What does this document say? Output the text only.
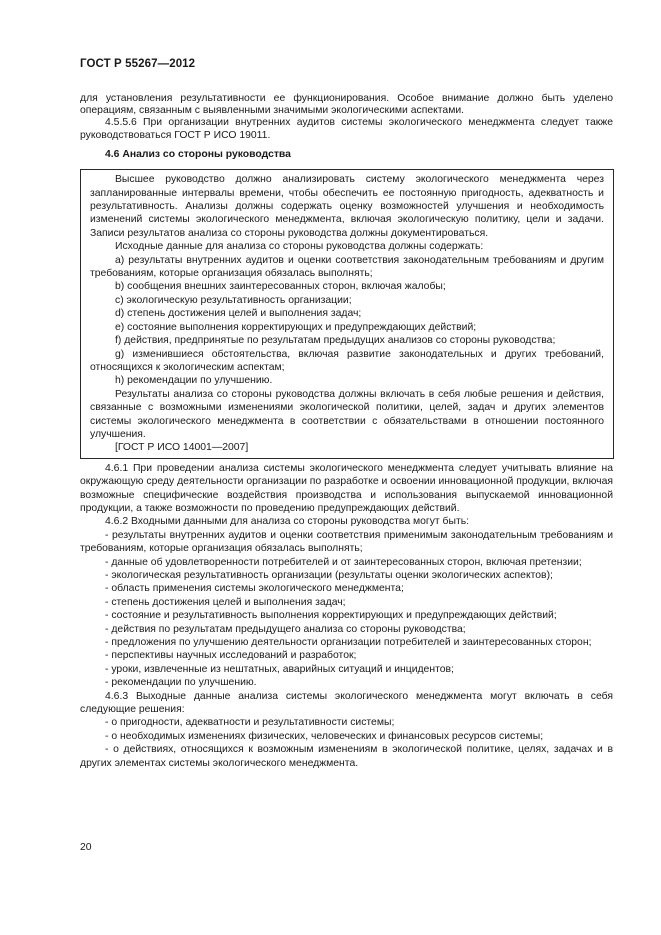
ГОСТ Р 55267—2012

для установления результативности ее функционирования. Особое внимание должно быть уделено операциям, связанным с выявленными значимыми экологическими аспектами.

4.5.5.6 При организации внутренних аудитов системы экологического менеджмента следует также руководствоваться ГОСТ Р ИСО 19011.

4.6 Анализ со стороны руководства

Высшее руководство должно анализировать систему экологического менеджмента через запланированные интервалы времени, чтобы обеспечить ее постоянную пригодность, адекватность и результативность. Анализы должны содержать оценку возможностей улучшения и необходимость изменений системы экологического менеджмента, включая экологическую политику, цели и задачи. Записи результатов анализа со стороны руководства должны документироваться.

Исходные данные для анализа со стороны руководства должны содержать:

a) результаты внутренних аудитов и оценки соответствия законодательным требованиям и другим требованиям, которые организация обязалась выполнять;

b) сообщения внешних заинтересованных сторон, включая жалобы;

c) экологическую результативность организации;

d) степень достижения целей и выполнения задач;

e) состояние выполнения корректирующих и предупреждающих действий;

f) действия, предпринятые по результатам предыдущих анализов со стороны руководства;

g) изменившиеся обстоятельства, включая развитие законодательных и других требований, относящихся к экологическим аспектам;

h) рекомендации по улучшению.

Результаты анализа со стороны руководства должны включать в себя любые решения и действия, связанные с возможными изменениями экологической политики, целей, задач и других элементов системы экологического менеджмента в соответствии с обязательствами в отношении постоянного улучшения.

[ГОСТ Р ИСО 14001—2007]

4.6.1 При проведении анализа системы экологического менеджмента следует учитывать влияние на окружающую среду деятельности организации по разработке и освоении инновационной продукции, включая возможные специфические воздействия производства и использования выпускаемой инновационной продукции, а также возможности по проведению предупреждающих действий.

4.6.2 Входными данными для анализа со стороны руководства могут быть:

- результаты внутренних аудитов и оценки соответствия применимым законодательным требованиям и требованиям, которые организация обязалась выполнять;

- данные об удовлетворенности потребителей и от заинтересованных сторон, включая претензии;

- экологическая результативность организации (результаты оценки экологических аспектов);

- область применения системы экологического менеджмента;

- степень достижения целей и выполнения задач;

- состояние и результативность выполнения корректирующих и предупреждающих действий;

- действия по результатам предыдущего анализа со стороны руководства;

- предложения по улучшению деятельности организации потребителей и заинтересованных сторон;

- перспективы научных исследований и разработок;

- уроки, извлеченные из нештатных, аварийных ситуаций и инцидентов;

- рекомендации по улучшению.

4.6.3 Выходные данные анализа системы экологического менеджмента могут включать в себя следующие решения:

- о пригодности, адекватности и результативности системы;

- о необходимых изменениях физических, человеческих и финансовых ресурсов системы;

- о действиях, относящихся к возможным изменениям в экологической политике, целях, задачах и в других элементах системы экологического менеджмента.

20
